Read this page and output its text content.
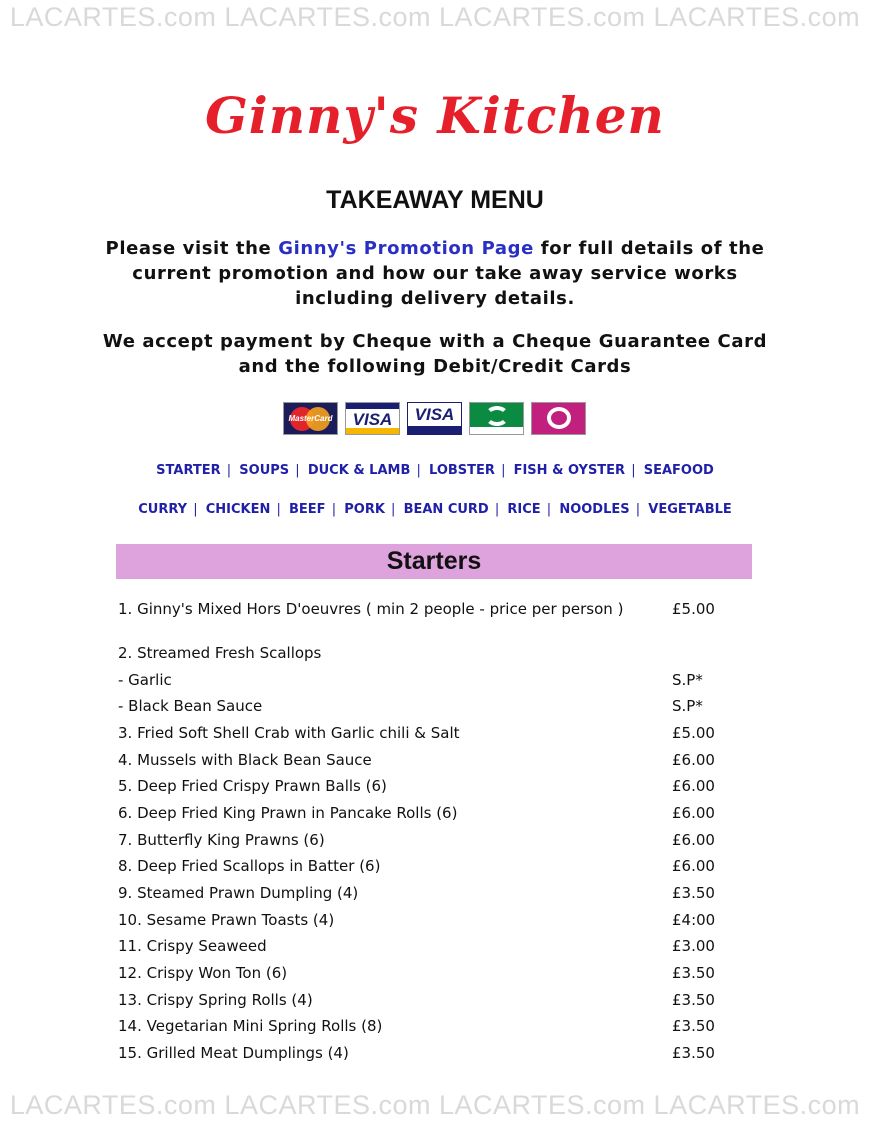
LACARTES.com LACARTES.com LACARTES.com LACARTES.com
Ginny's Kitchen
TAKEAWAY MENU
Please visit the Ginny's Promotion Page for full details of the current promotion and how our take away service works including delivery details.
We accept payment by Cheque with a Cheque Guarantee Card and the following Debit/Credit Cards
MasterCard	VISA	VISA
STARTER | SOUPS | DUCK & LAMB | LOBSTER | FISH & OYSTER | SEAFOOD
CURRY | CHICKEN | BEEF | PORK | BEAN CURD | RICE | NOODLES | VEGETABLE
Starters
1. Ginny's Mixed Hors D'oeuvres ( min 2 people - price per person )	£5.00
2. Streamed Fresh Scallops
- Garlic	S.P*
- Black Bean Sauce	S.P*
3. Fried Soft Shell Crab with Garlic chili & Salt	£5.00
4. Mussels with Black Bean Sauce	£6.00
5. Deep Fried Crispy Prawn Balls (6)	£6.00
6. Deep Fried King Prawn in Pancake Rolls (6)	£6.00
7. Butterfly King Prawns (6)	£6.00
8. Deep Fried Scallops in Batter (6)	£6.00
9. Steamed Prawn Dumpling (4)	£3.50
10. Sesame Prawn Toasts (4)	£4:00
11. Crispy Seaweed	£3.00
12. Crispy Won Ton (6)	£3.50
13. Crispy Spring Rolls (4)	£3.50
14. Vegetarian Mini Spring Rolls (8)	£3.50
15. Grilled Meat Dumplings (4)	£3.50
LACARTES.com LACARTES.com LACARTES.com LACARTES.com
